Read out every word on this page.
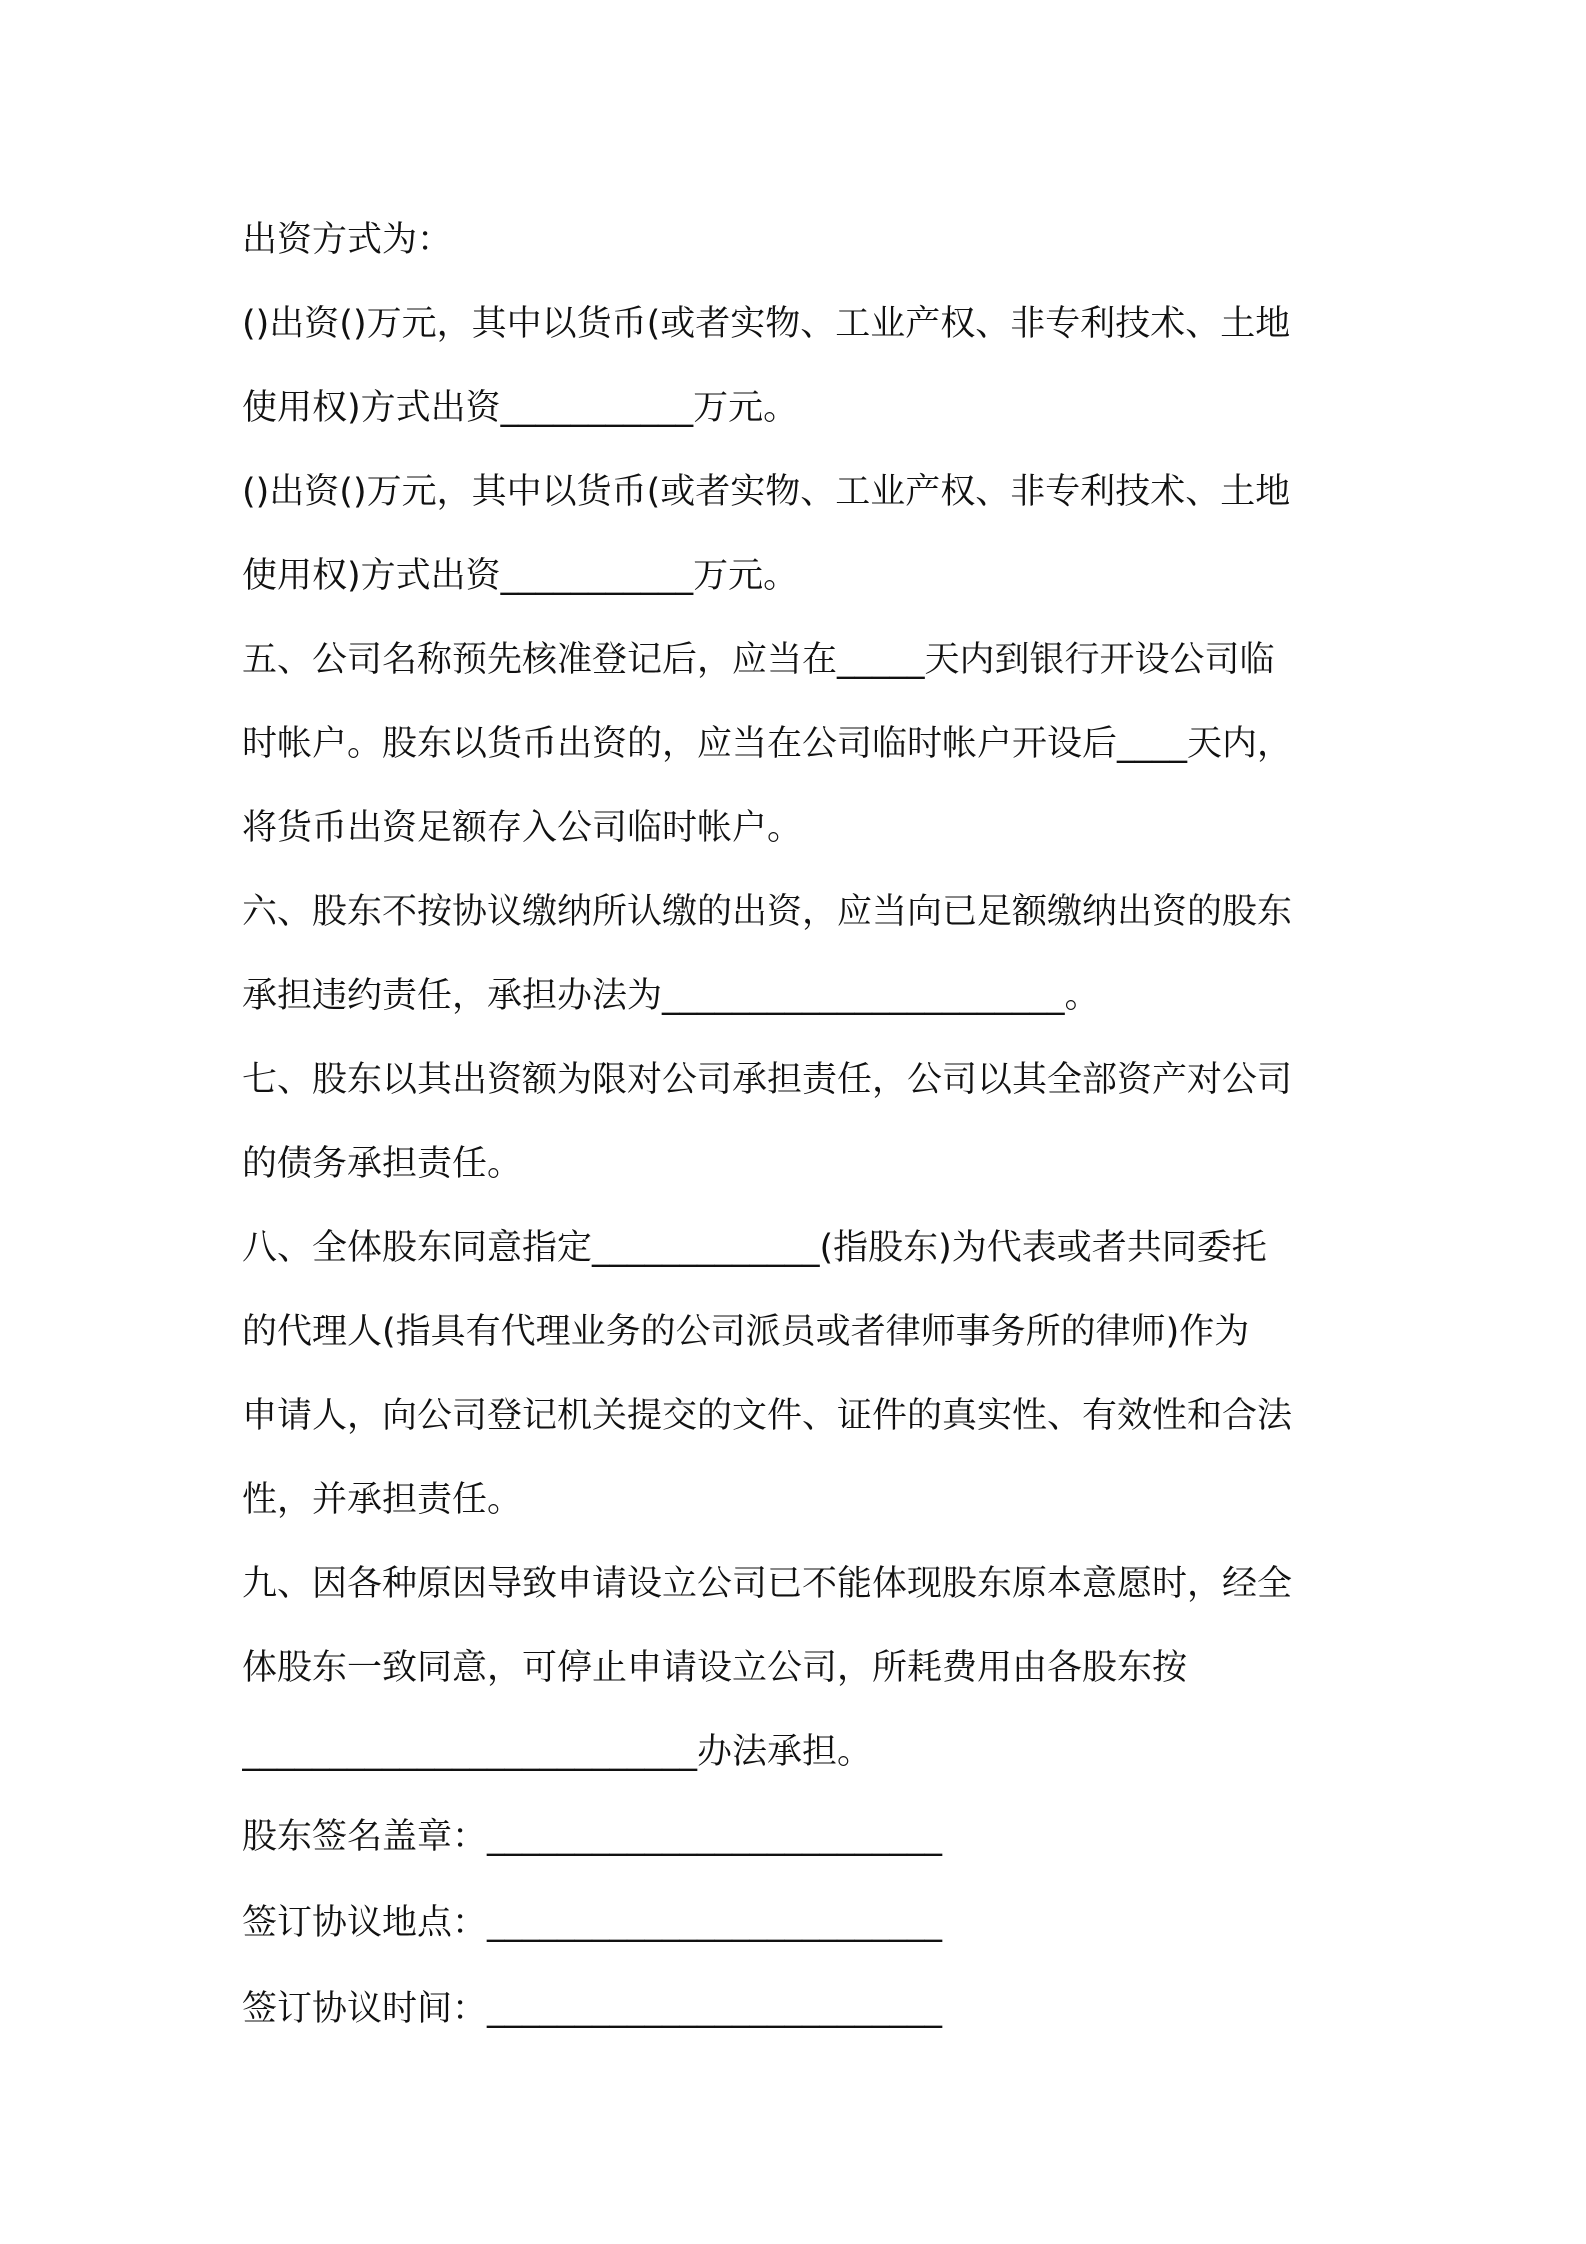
出资方式为：
()出资()万元，其中以货币(或者实物、工业产权、非专利技术、土地
使用权)方式出资___________万元。
()出资()万元，其中以货币(或者实物、工业产权、非专利技术、土地
使用权)方式出资___________万元。
五、公司名称预先核准登记后，应当在_____天内到银行开设公司临
时帐户。股东以货币出资的，应当在公司临时帐户开设后____天内，
将货币出资足额存入公司临时帐户。
六、股东不按协议缴纳所认缴的出资，应当向已足额缴纳出资的股东
承担违约责任，承担办法为_______________________。
七、股东以其出资额为限对公司承担责任，公司以其全部资产对公司
的债务承担责任。
八、全体股东同意指定_____________(指股东)为代表或者共同委托
的代理人(指具有代理业务的公司派员或者律师事务所的律师)作为
申请人，向公司登记机关提交的文件、证件的真实性、有效性和合法
性，并承担责任。
九、因各种原因导致申请设立公司已不能体现股东原本意愿时，经全
体股东一致同意，可停止申请设立公司，所耗费用由各股东按
__________________________办法承担。
股东签名盖章：__________________________
签订协议地点：__________________________
签订协议时间：__________________________
